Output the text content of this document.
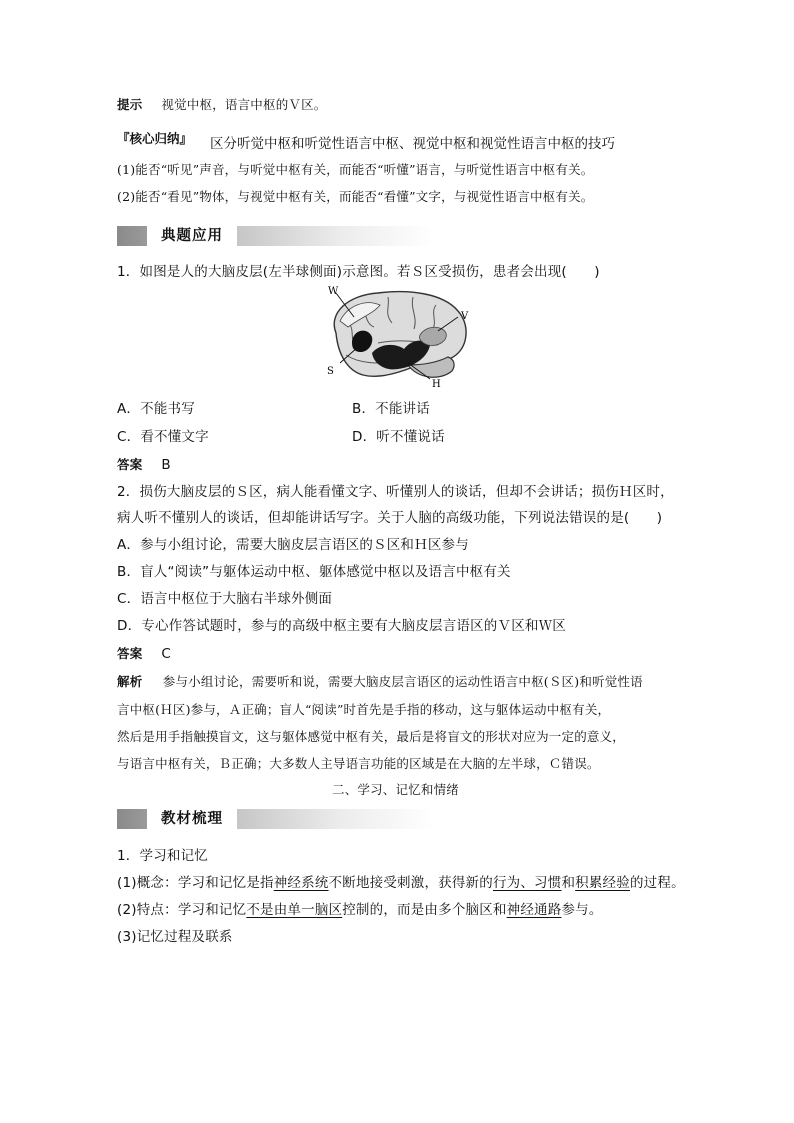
提示 视觉中枢，语言中枢的Ｖ区。
『核心归纳』 区分听觉中枢和听觉性语言中枢、视觉中枢和视觉性语言中枢的技巧
(1)能否“听见”声音，与听觉中枢有关，而能否“听懂”语言，与听觉性语言中枢有关。
(2)能否“看见”物体，与视觉中枢有关，而能否“看懂”文字，与视觉性语言中枢有关。
典题应用
1．如图是人的大脑皮层(左半球侧面)示意图。若Ｓ区受损伤，患者会出现(　　)
W
V
S
H
A．不能书写	B．不能讲话
C．看不懂文字	D．听不懂说话
答案 B
2．损伤大脑皮层的Ｓ区，病人能看懂文字、听懂别人的谈话，但却不会讲话；损伤Ｈ区时，
病人听不懂别人的谈话，但却能讲话写字。关于人脑的高级功能，下列说法错误的是(　　)
A．参与小组讨论，需要大脑皮层言语区的Ｓ区和Ｈ区参与
B．盲人“阅读”与躯体运动中枢、躯体感觉中枢以及语言中枢有关
C．语言中枢位于大脑右半球外侧面
D．专心作答试题时，参与的高级中枢主要有大脑皮层言语区的Ｖ区和Ｗ区
答案 C
解析 参与小组讨论，需要听和说，需要大脑皮层言语区的运动性语言中枢(Ｓ区)和听觉性语
言中枢(Ｈ区)参与，Ａ正确；盲人“阅读”时首先是手指的移动，这与躯体运动中枢有关，
然后是用手指触摸盲文，这与躯体感觉中枢有关，最后是将盲文的形状对应为一定的意义，
与语言中枢有关，Ｂ正确；大多数人主导语言功能的区域是在大脑的左半球，Ｃ错误。
二、学习、记忆和情绪
教材梳理
1．学习和记忆
(1)概念：学习和记忆是指神经系统不断地接受刺激，获得新的行为、习惯和积累经验的过程。
(2)特点：学习和记忆不是由单一脑区控制的，而是由多个脑区和神经通路参与。
(3)记忆过程及联系
